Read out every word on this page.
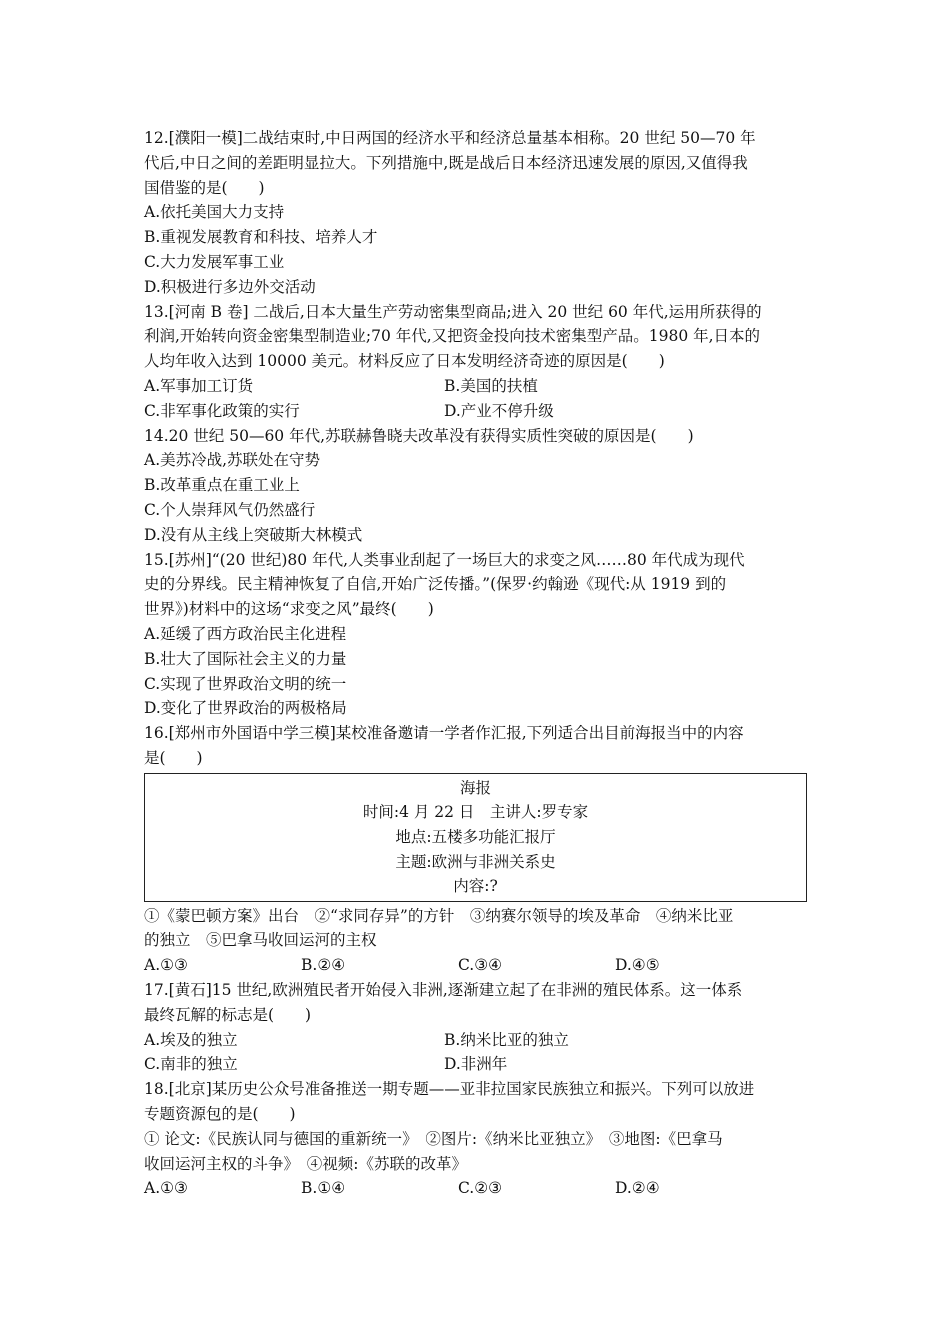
12.[濮阳一模]二战结束时,中日两国的经济水平和经济总量基本相称。20 世纪 50—70 年
代后,中日之间的差距明显拉大。下列措施中,既是战后日本经济迅速发展的原因,又值得我
国借鉴的是(　　)
A.依托美国大力支持
B.重视发展教育和科技、培养人才
C.大力发展军事工业
D.积极进行多边外交活动
13.[河南 B 卷] 二战后,日本大量生产劳动密集型商品;进入 20 世纪 60 年代,运用所获得的
利润,开始转向资金密集型制造业;70 年代,又把资金投向技术密集型产品。1980 年,日本的
人均年收入达到 10000 美元。材料反应了日本发明经济奇迹的原因是(　　)
A.军事加工订货	B.美国的扶植
C.非军事化政策的实行	D.产业不停升级
14.20 世纪 50—60 年代,苏联赫鲁晓夫改革没有获得实质性突破的原因是(　　)
A.美苏冷战,苏联处在守势
B.改革重点在重工业上
C.个人崇拜风气仍然盛行
D.没有从主线上突破斯大林模式
15.[苏州]“(20 世纪)80 年代,人类事业刮起了一场巨大的求变之风……80 年代成为现代
史的分界线。民主精神恢复了自信,开始广泛传播。”(保罗·约翰逊《现代:从 1919 到的
世界》)材料中的这场“求变之风”最终(　　)
A.延缓了西方政治民主化进程
B.壮大了国际社会主义的力量
C.实现了世界政治文明的统一
D.变化了世界政治的两极格局
16.[郑州市外国语中学三模]某校准备邀请一学者作汇报,下列适合出目前海报当中的内容
是(　　)
海报
时间:4 月 22 日　主讲人:罗专家
地点:五楼多功能汇报厅
主题:欧洲与非洲关系史
内容:?
①《蒙巴顿方案》出台　②“求同存异”的方针　③纳赛尔领导的埃及革命　④纳米比亚
的独立　⑤巴拿马收回运河的主权
A.①③	B.②④	C.③④	D.④⑤
17.[黄石]15 世纪,欧洲殖民者开始侵入非洲,逐渐建立起了在非洲的殖民体系。这一体系
最终瓦解的标志是(　　)
A.埃及的独立	B.纳米比亚的独立
C.南非的独立	D.非洲年
18.[北京]某历史公众号准备推送一期专题——亚非拉国家民族独立和振兴。下列可以放进
专题资源包的是(　　)
① 论文:《民族认同与德国的重新统一》　②图片:《纳米比亚独立》　③地图:《巴拿马
收回运河主权的斗争》　④视频:《苏联的改革》
A.①③	B.①④	C.②③	D.②④
